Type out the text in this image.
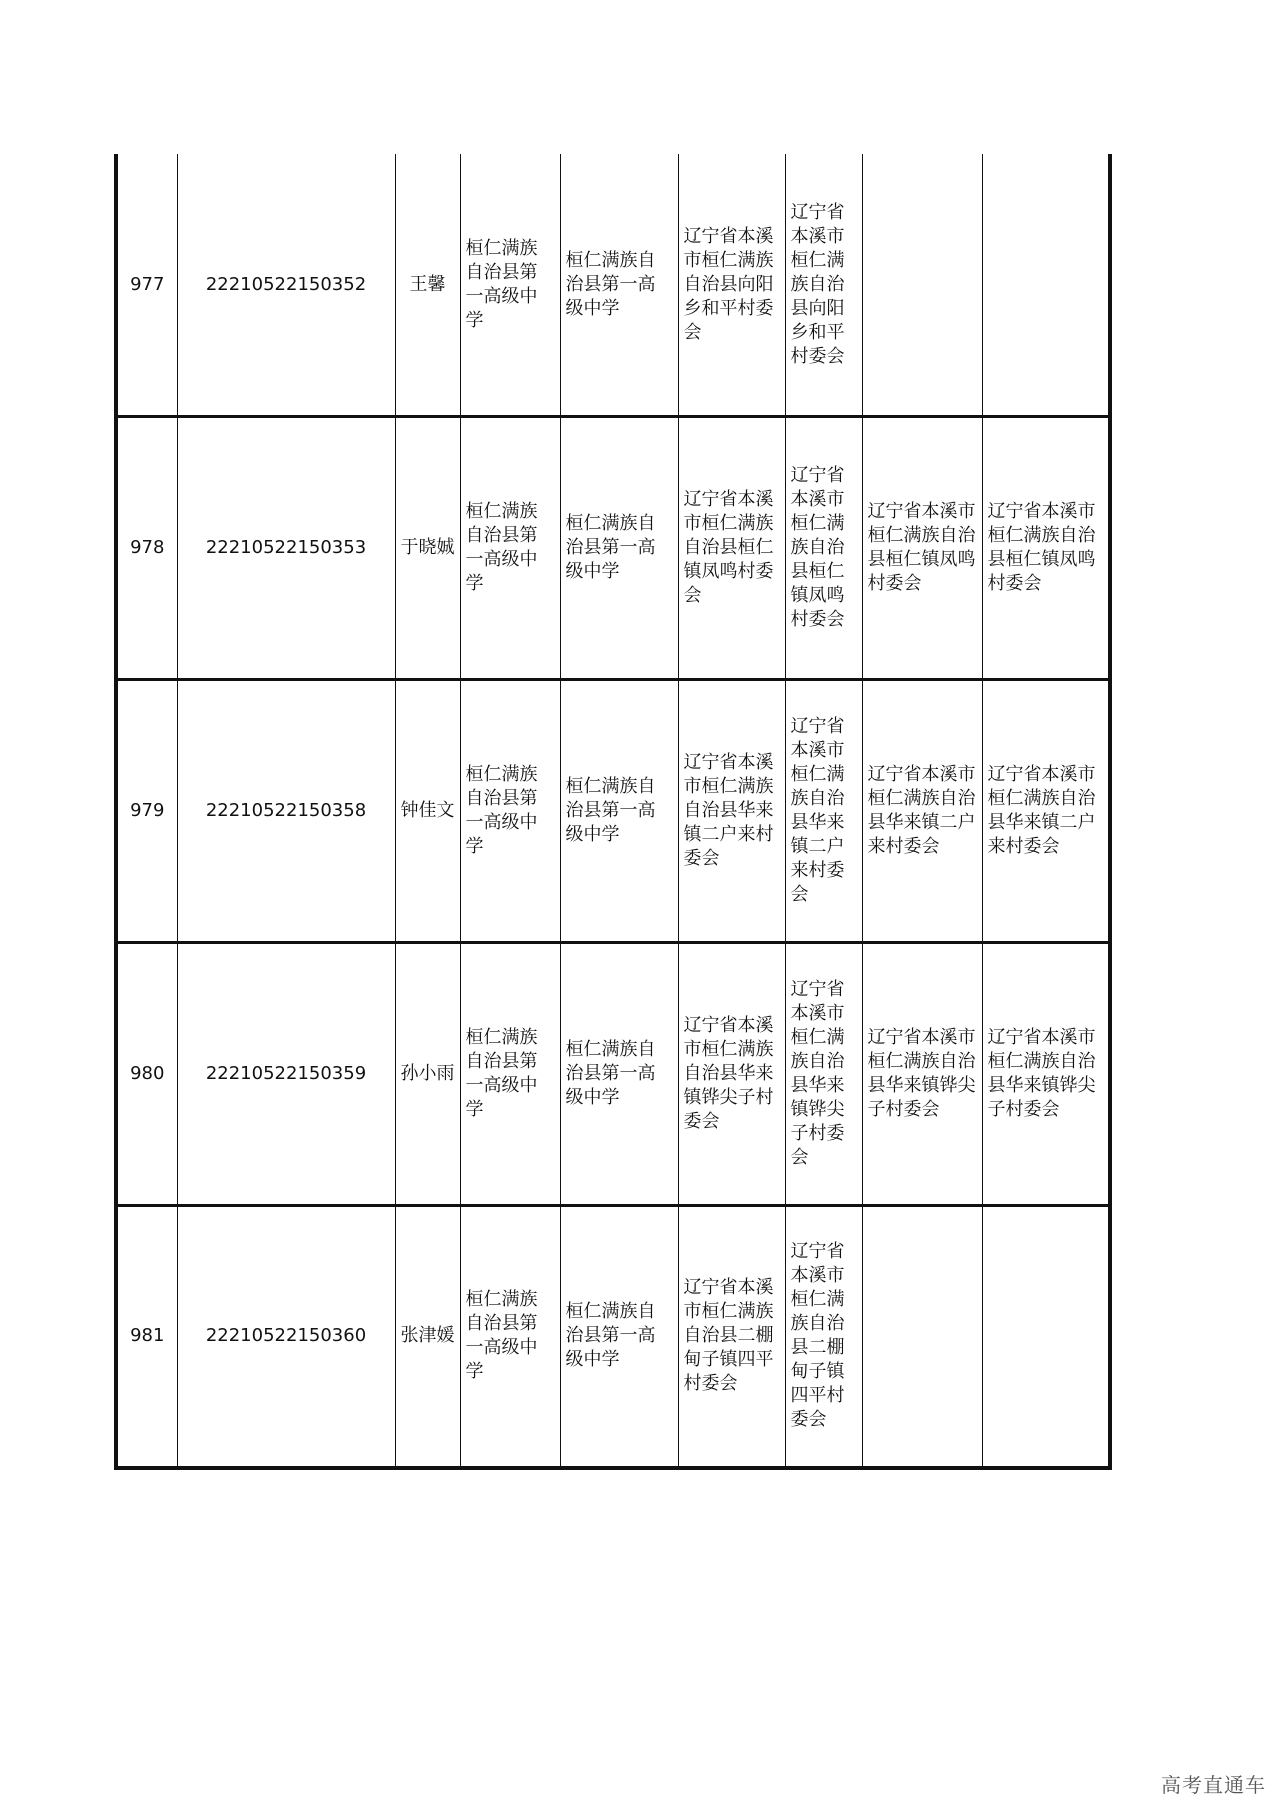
977	22210522150352	王馨	桓仁满族自治县第一高级中学	桓仁满族自治县第一高级中学	辽宁省本溪市桓仁满族自治县向阳乡和平村委会	辽宁省本溪市桓仁满族自治县向阳乡和平村委会		
978	22210522150353	于晓娍	桓仁满族自治县第一高级中学	桓仁满族自治县第一高级中学	辽宁省本溪市桓仁满族自治县桓仁镇凤鸣村委会	辽宁省本溪市桓仁满族自治县桓仁镇凤鸣村委会	辽宁省本溪市桓仁满族自治县桓仁镇凤鸣村委会	辽宁省本溪市桓仁满族自治县桓仁镇凤鸣村委会
979	22210522150358	钟佳文	桓仁满族自治县第一高级中学	桓仁满族自治县第一高级中学	辽宁省本溪市桓仁满族自治县华来镇二户来村委会	辽宁省本溪市桓仁满族自治县华来镇二户来村委会	辽宁省本溪市桓仁满族自治县华来镇二户来村委会	辽宁省本溪市桓仁满族自治县华来镇二户来村委会
980	22210522150359	孙小雨	桓仁满族自治县第一高级中学	桓仁满族自治县第一高级中学	辽宁省本溪市桓仁满族自治县华来镇铧尖子村委会	辽宁省本溪市桓仁满族自治县华来镇铧尖子村委会	辽宁省本溪市桓仁满族自治县华来镇铧尖子村委会	辽宁省本溪市桓仁满族自治县华来镇铧尖子村委会
981	22210522150360	张津媛	桓仁满族自治县第一高级中学	桓仁满族自治县第一高级中学	辽宁省本溪市桓仁满族自治县二棚甸子镇四平村委会	辽宁省本溪市桓仁满族自治县二棚甸子镇四平村委会		
高考直通车
